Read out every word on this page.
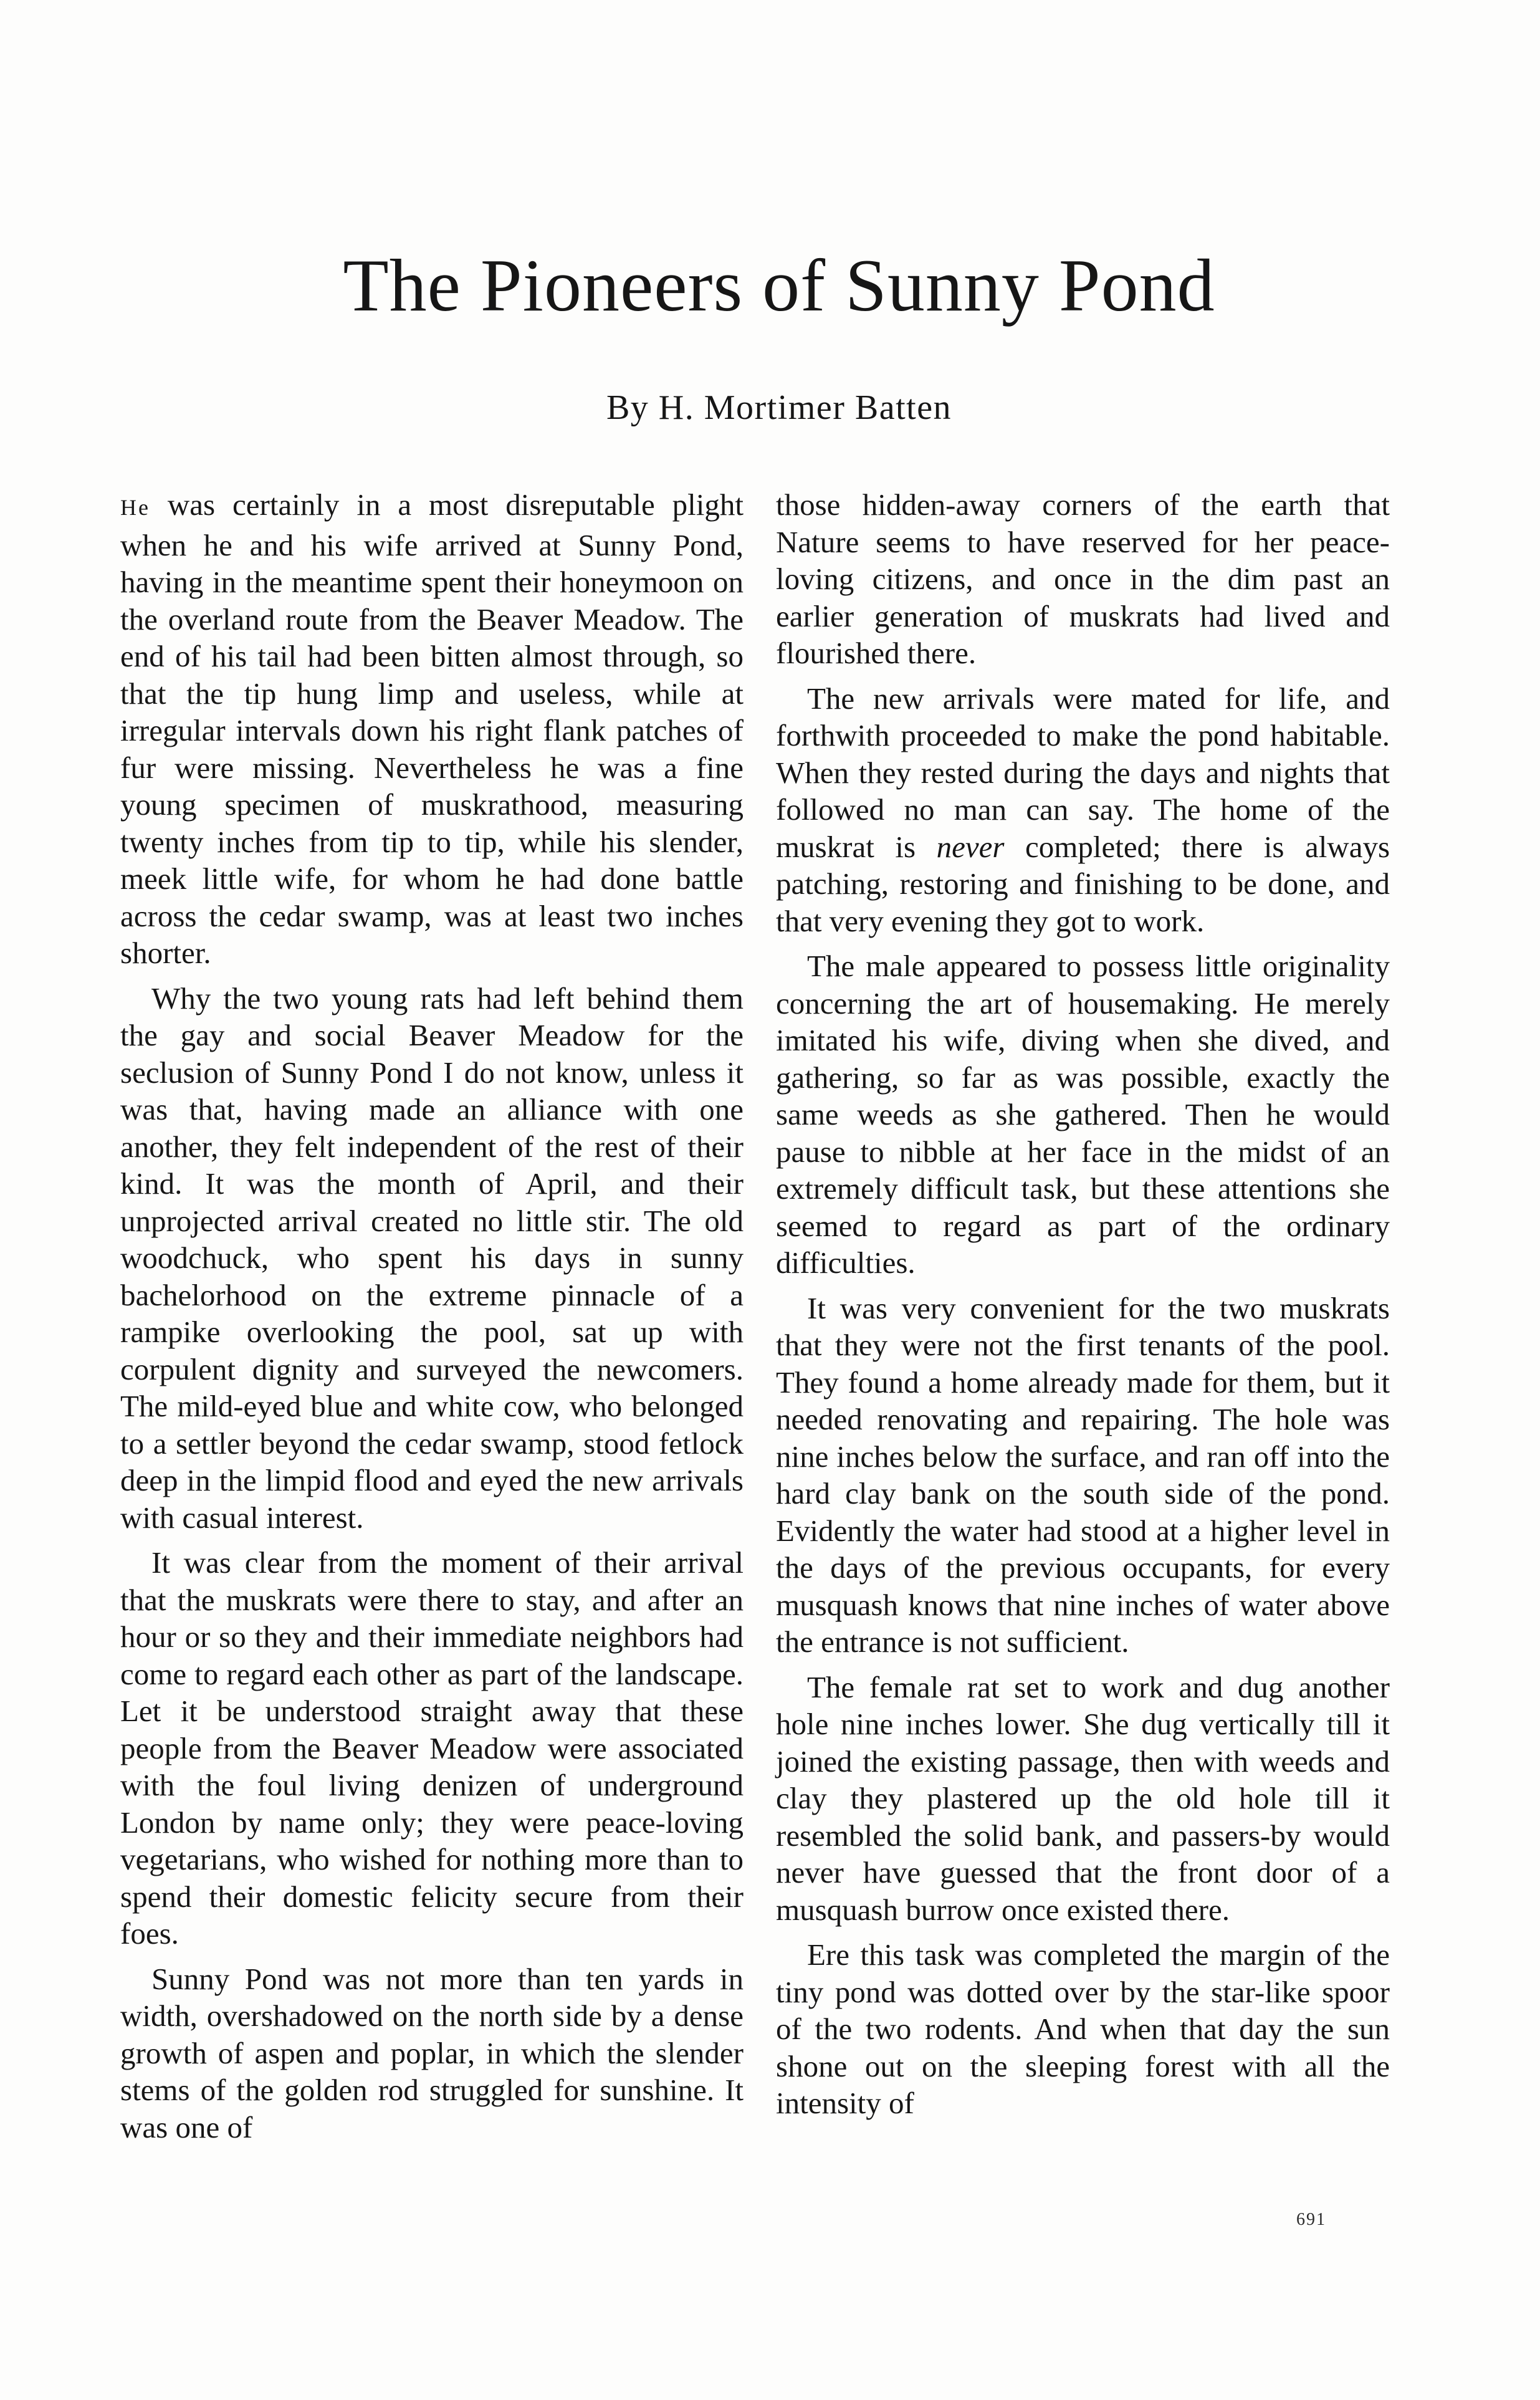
The Pioneers of Sunny Pond
By H. Mortimer Batten

He was certainly in a most disreputable plight when he and his wife arrived at Sunny Pond, having in the meantime spent their honeymoon on the overland route from the Beaver Meadow. The end of his tail had been bitten almost through, so that the tip hung limp and useless, while at irregular intervals down his right flank patches of fur were missing. Nevertheless he was a fine young specimen of muskrathood, measuring twenty inches from tip to tip, while his slender, meek little wife, for whom he had done battle across the cedar swamp, was at least two inches shorter.

Why the two young rats had left behind them the gay and social Beaver Meadow for the seclusion of Sunny Pond I do not know, unless it was that, having made an alliance with one another, they felt independent of the rest of their kind. It was the month of April, and their unprojected arrival created no little stir. The old woodchuck, who spent his days in sunny bachelorhood on the extreme pinnacle of a rampike overlooking the pool, sat up with corpulent dignity and surveyed the newcomers. The mild-eyed blue and white cow, who belonged to a settler beyond the cedar swamp, stood fetlock deep in the limpid flood and eyed the new arrivals with casual interest.

It was clear from the moment of their arrival that the muskrats were there to stay, and after an hour or so they and their immediate neighbors had come to regard each other as part of the landscape. Let it be understood straight away that these people from the Beaver Meadow were associated with the foul living denizen of underground London by name only; they were peace-loving vegetarians, who wished for nothing more than to spend their domestic felicity secure from their foes.

Sunny Pond was not more than ten yards in width, overshadowed on the north side by a dense growth of aspen and poplar, in which the slender stems of the golden rod struggled for sunshine. It was one of

those hidden-away corners of the earth that Nature seems to have reserved for her peace-loving citizens, and once in the dim past an earlier generation of muskrats had lived and flourished there.

The new arrivals were mated for life, and forthwith proceeded to make the pond habitable. When they rested during the days and nights that followed no man can say. The home of the muskrat is never completed; there is always patching, restoring and finishing to be done, and that very evening they got to work.

The male appeared to possess little originality concerning the art of housemaking. He merely imitated his wife, diving when she dived, and gathering, so far as was possible, exactly the same weeds as she gathered. Then he would pause to nibble at her face in the midst of an extremely difficult task, but these attentions she seemed to regard as part of the ordinary difficulties.

It was very convenient for the two muskrats that they were not the first tenants of the pool. They found a home already made for them, but it needed renovating and repairing. The hole was nine inches below the surface, and ran off into the hard clay bank on the south side of the pond. Evidently the water had stood at a higher level in the days of the previous occupants, for every musquash knows that nine inches of water above the entrance is not sufficient.

The female rat set to work and dug another hole nine inches lower. She dug vertically till it joined the existing passage, then with weeds and clay they plastered up the old hole till it resembled the solid bank, and passers-by would never have guessed that the front door of a musquash burrow once existed there.

Ere this task was completed the margin of the tiny pond was dotted over by the star-like spoor of the two rodents. And when that day the sun shone out on the sleeping forest with all the intensity of

691
